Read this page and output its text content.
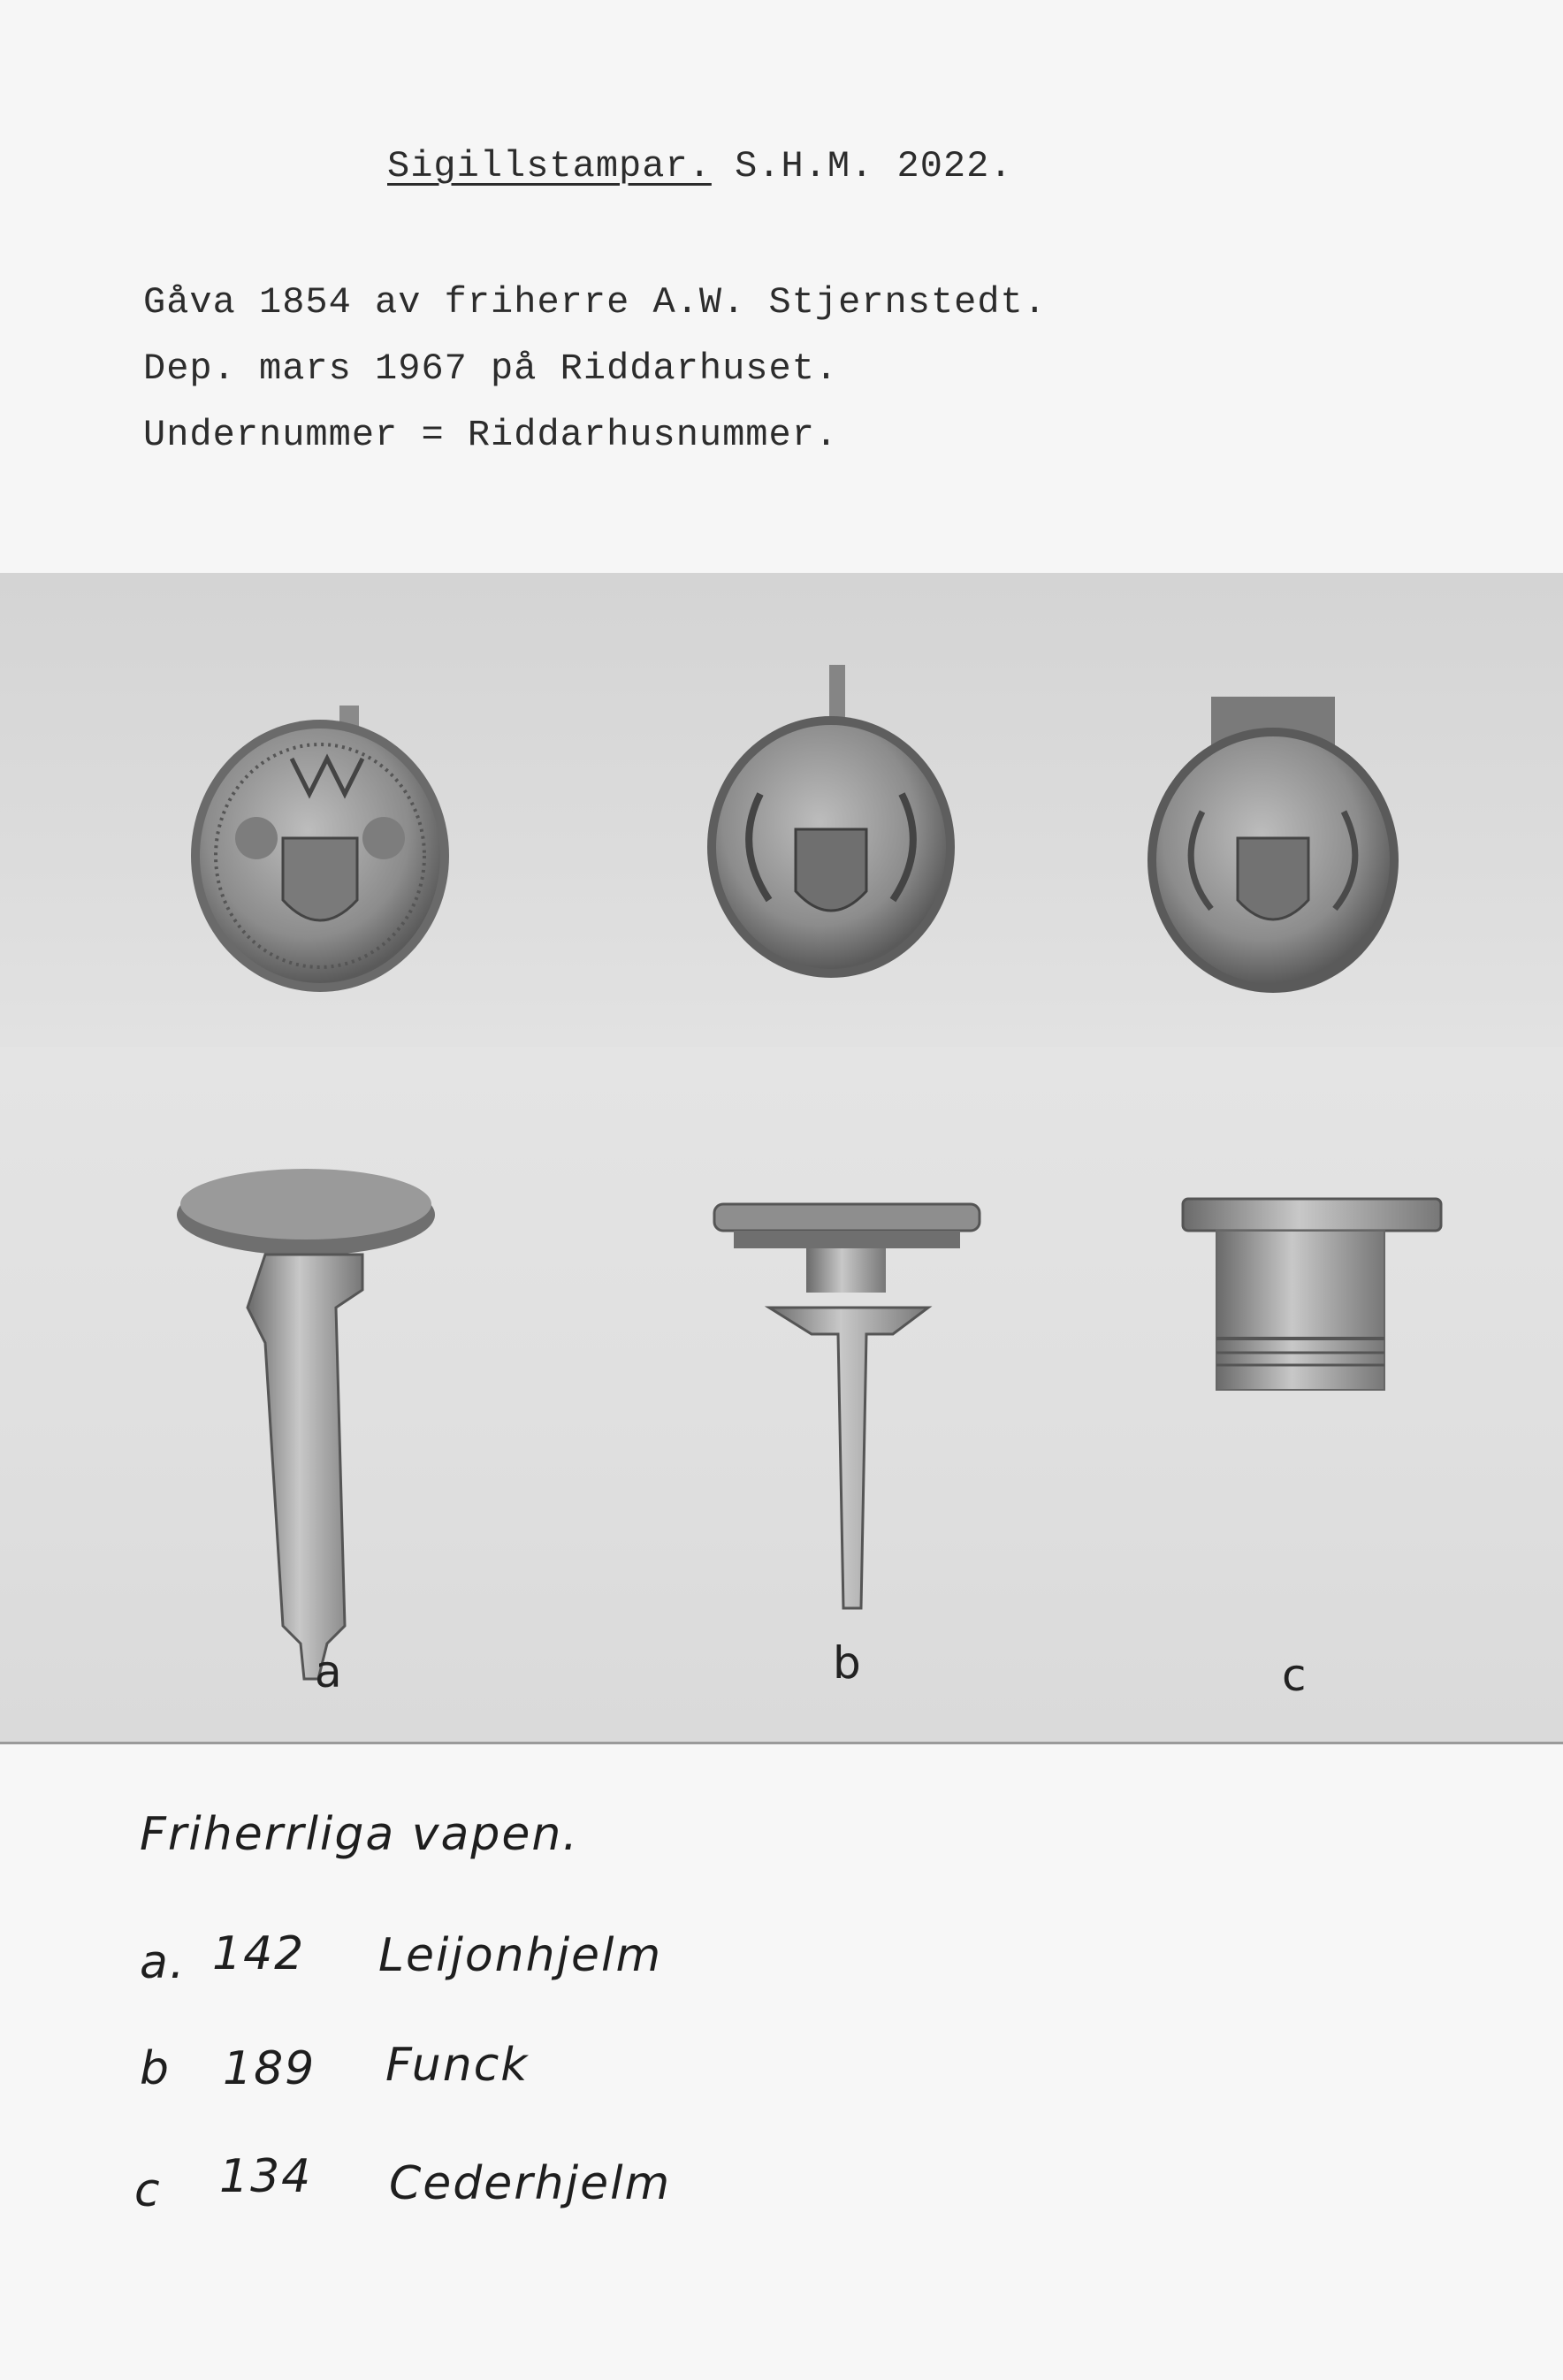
Sigillstampar. S.H.M. 2022.
Gåva 1854 av friherre A.W. Stjernstedt.
Dep. mars 1967 på Riddarhuset.
Undernummer = Riddarhusnummer.
a	b	c
Friherrliga vapen.
a. 142 Leijonhjelm
b 189 Funck
c 134 Cederhjelm
